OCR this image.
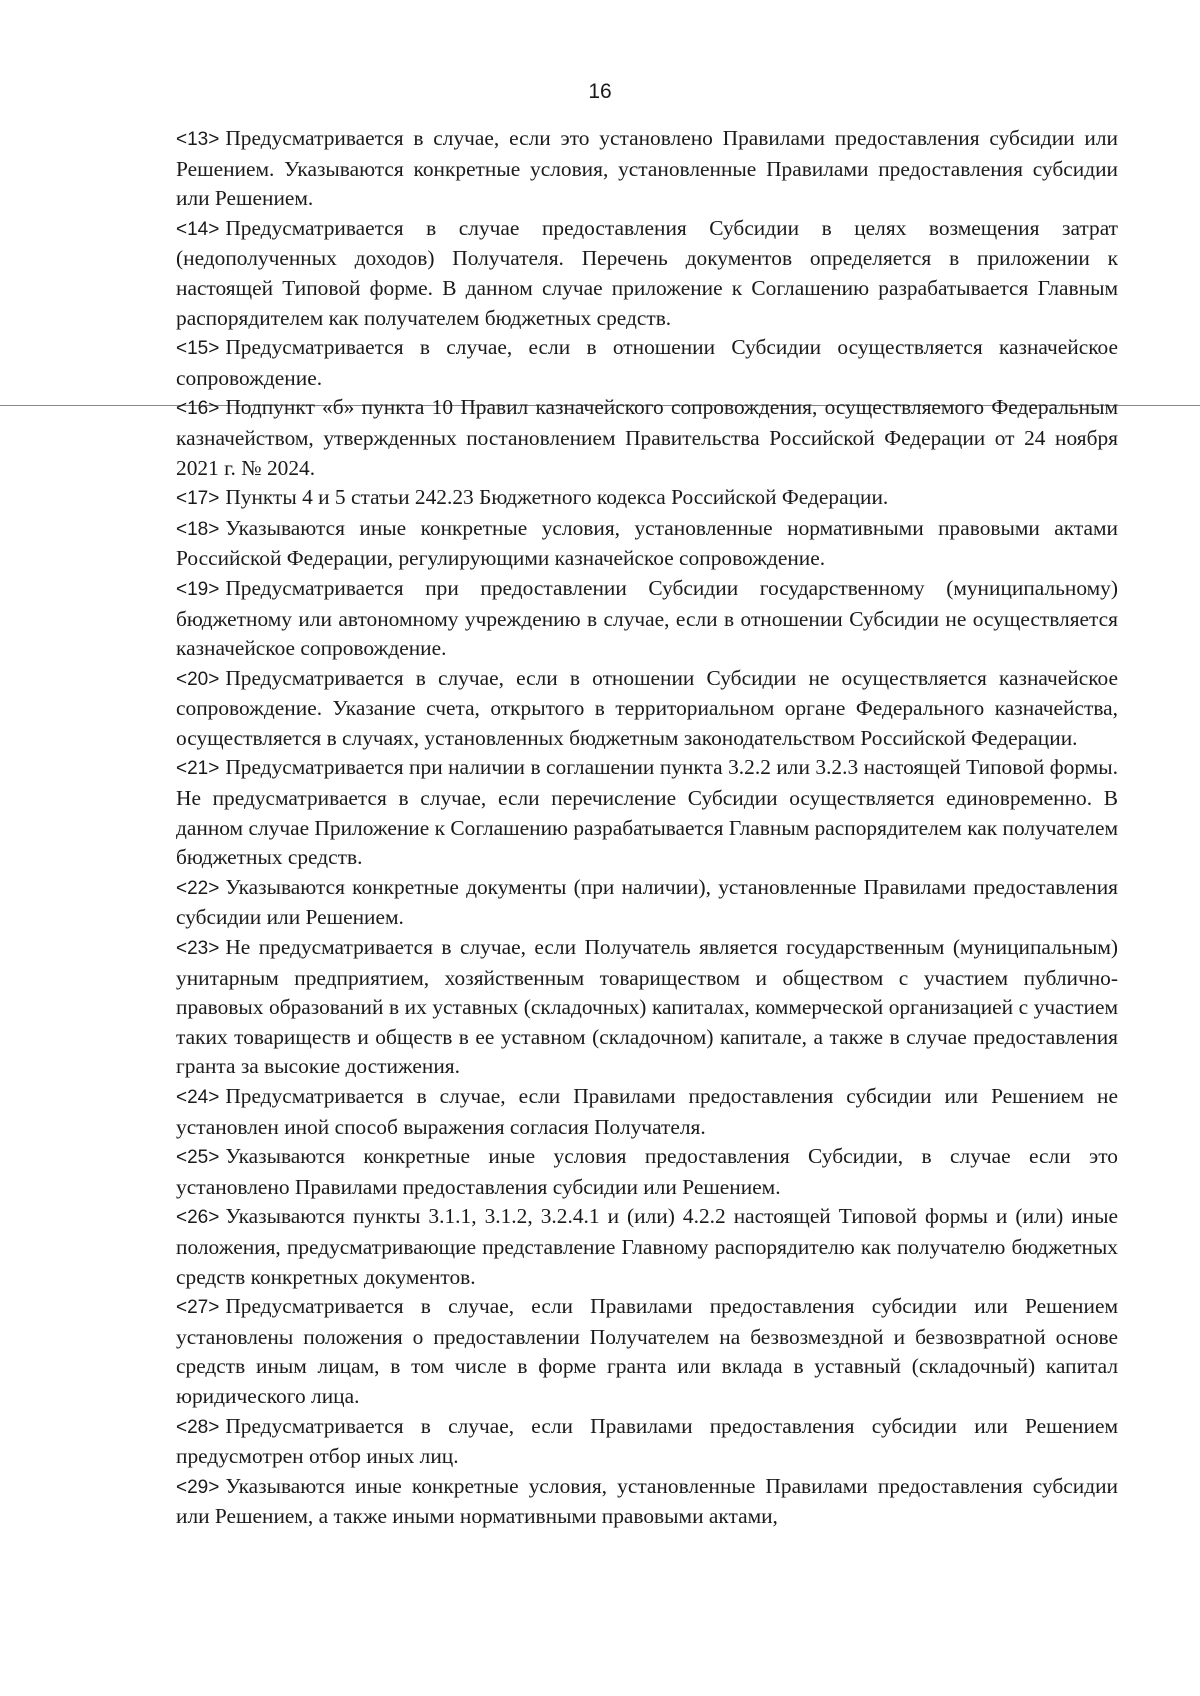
16

<13> Предусматривается в случае, если это установлено Правилами предоставления субсидии или Решением. Указываются конкретные условия, установленные Правилами предоставления субсидии или Решением.

<14> Предусматривается в случае предоставления Субсидии в целях возмещения затрат (недополученных доходов) Получателя. Перечень документов определяется в приложении к настоящей Типовой форме. В данном случае приложение к Соглашению разрабатывается Главным распорядителем как получателем бюджетных средств.

<15> Предусматривается в случае, если в отношении Субсидии осуществляется казначейское сопровождение.

<16> Подпункт «б» пункта 10 Правил казначейского сопровождения, осуществляемого Федеральным казначейством, утвержденных постановлением Правительства Российской Федерации от 24 ноября 2021 г. № 2024.

<17> Пункты 4 и 5 статьи 242.23 Бюджетного кодекса Российской Федерации.

<18> Указываются иные конкретные условия, установленные нормативными правовыми актами Российской Федерации, регулирующими казначейское сопровождение.

<19> Предусматривается при предоставлении Субсидии государственному (муниципальному) бюджетному или автономному учреждению в случае, если в отношении Субсидии не осуществляется казначейское сопровождение.

<20> Предусматривается в случае, если в отношении Субсидии не осуществляется казначейское сопровождение. Указание счета, открытого в территориальном органе Федерального казначейства, осуществляется в случаях, установленных бюджетным законодательством Российской Федерации.

<21> Предусматривается при наличии в соглашении пункта 3.2.2 или 3.2.3 настоящей Типовой формы. Не предусматривается в случае, если перечисление Субсидии осуществляется единовременно. В данном случае Приложение к Соглашению разрабатывается Главным распорядителем как получателем бюджетных средств.

<22> Указываются конкретные документы (при наличии), установленные Правилами предоставления субсидии или Решением.

<23> Не предусматривается в случае, если Получатель является государственным (муниципальным) унитарным предприятием, хозяйственным товариществом и обществом с участием публично-правовых образований в их уставных (складочных) капиталах, коммерческой организацией с участием таких товариществ и обществ в ее уставном (складочном) капитале, а также в случае предоставления гранта за высокие достижения.

<24> Предусматривается в случае, если Правилами предоставления субсидии или Решением не установлен иной способ выражения согласия Получателя.

<25> Указываются конкретные иные условия предоставления Субсидии, в случае если это установлено Правилами предоставления субсидии или Решением.

<26> Указываются пункты 3.1.1, 3.1.2, 3.2.4.1 и (или) 4.2.2 настоящей Типовой формы и (или) иные положения, предусматривающие представление Главному распорядителю как получателю бюджетных средств конкретных документов.

<27> Предусматривается в случае, если Правилами предоставления субсидии или Решением установлены положения о предоставлении Получателем на безвозмездной и безвозвратной основе средств иным лицам, в том числе в форме гранта или вклада в уставный (складочный) капитал юридического лица.

<28> Предусматривается в случае, если Правилами предоставления субсидии или Решением предусмотрен отбор иных лиц.

<29> Указываются иные конкретные условия, установленные Правилами предоставления субсидии или Решением, а также иными нормативными правовыми актами,
